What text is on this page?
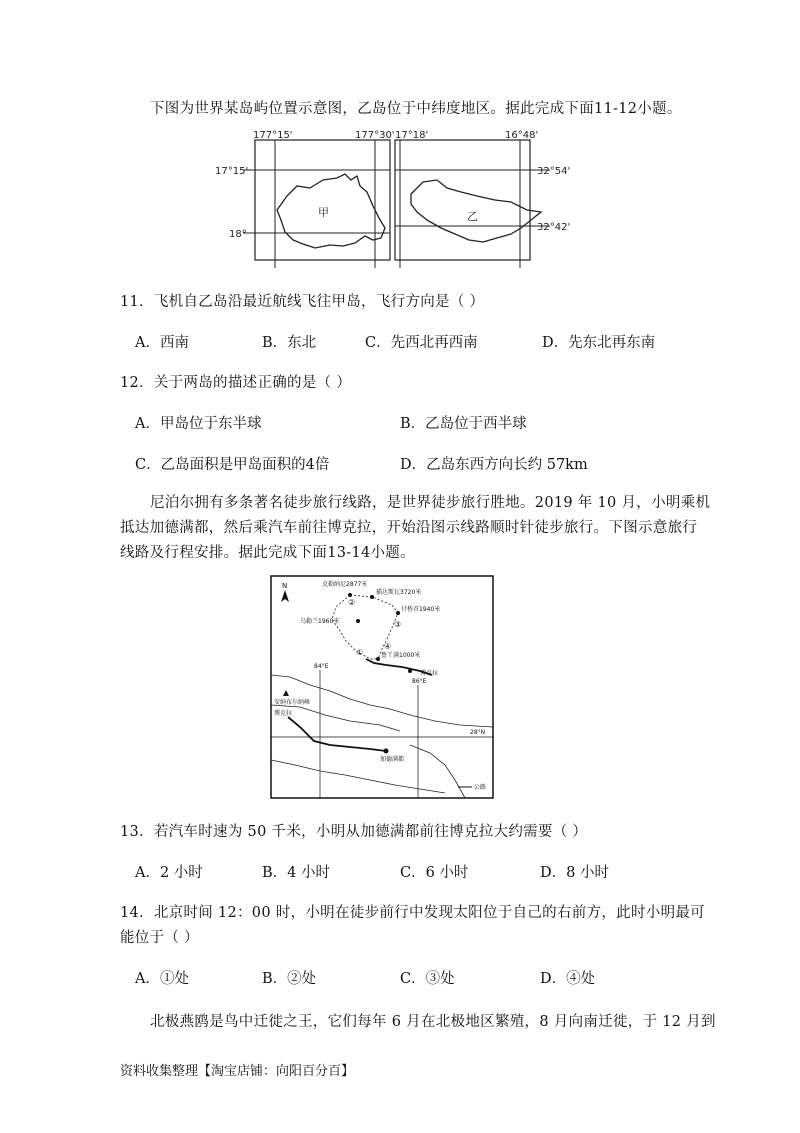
下图为世界某岛屿位置示意图，乙岛位于中纬度地区。据此完成下面11-12小题。
177°15'	177°30'
17°15'
18°
甲
17°18'	16°48'
32°54'
32°42'
乙
11．飞机自乙岛沿最近航线飞往甲岛，飞行方向是（ ）
A．西南	B．东北	C．先西北再西南	D．先东北再东南
12．关于两岛的描述正确的是（ ）
A．甲岛位于东半球	B．乙岛位于西半球
C．乙岛面积是甲岛面积的4倍	D．乙岛东西方向长约 57km
尼泊尔拥有多条著名徒步旅行线路，是世界徒步旅行胜地。2019 年 10 月，小明乘机
抵达加德满都，然后乘汽车前往博克拉，开始沿图示线路顺时针徒步旅行。下图示意旅行
线路及行程安排。据此完成下面13-14小题。
N	克勒纳尼2877米
描达斯瓦3720米
甘桥首1940米
乌勒兰1960米
鲁丫满1000米
博克拉
①
②
③
④
84°E
86°E
28°N
安纳布尔纳峰
博克拉
加德满都
公路
13．若汽车时速为 50 千米，小明从加德满都前往博克拉大约需要（ ）
A．2 小时	B．4 小时	C．6 小时	D．8 小时
14．北京时间 12：00 时，小明在徒步前行中发现太阳位于自己的右前方，此时小明最可
能位于（ ）
A．①处	B．②处	C．③处	D．④处
北极燕鸥是鸟中迁徙之王，它们每年 6 月在北极地区繁殖，8 月向南迁徙，于 12 月到
资料收集整理【淘宝店铺：向阳百分百】
